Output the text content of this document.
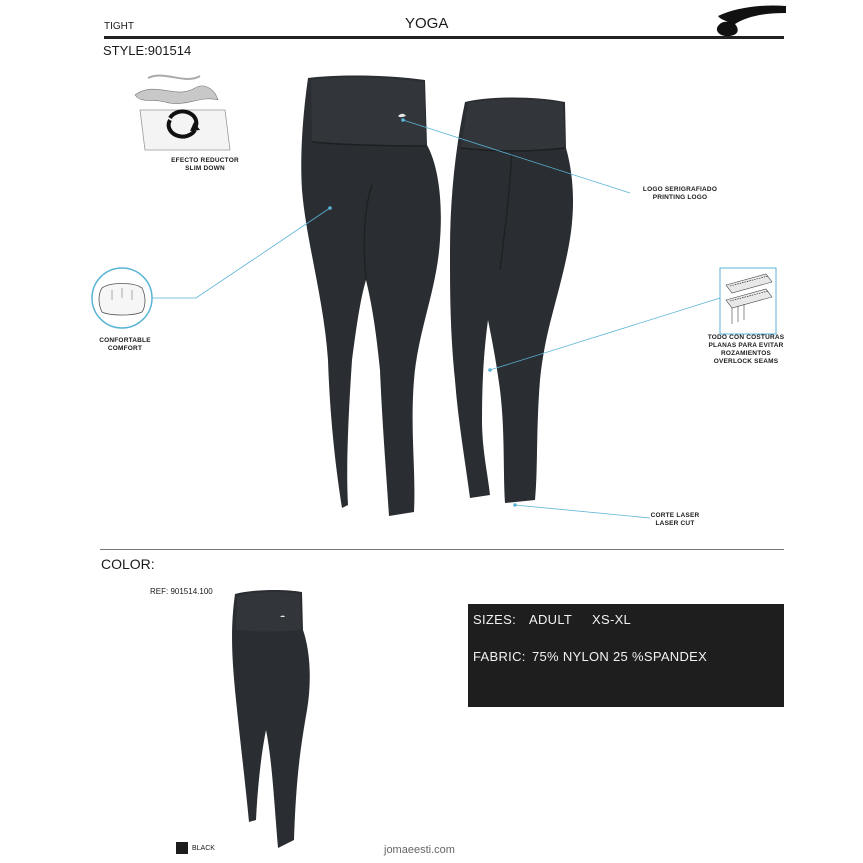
TIGHT	YOGA
STYLE:901514
EFECTO REDUCTOR
SLIM DOWN
CONFORTABLE
COMFORT
LOGO SERIGRAFIADO
PRINTING LOGO
TODO CON COSTURAS
PLANAS PARA EVITAR
ROZAMIENTOS
OVERLOCK SEAMS
CORTE LASER
LASER CUT
COLOR:
REF: 901514.100
BLACK
SIZES: ADULT XS-XL
FABRIC: 75% NYLON 25 %SPANDEX
jomaeesti.com
